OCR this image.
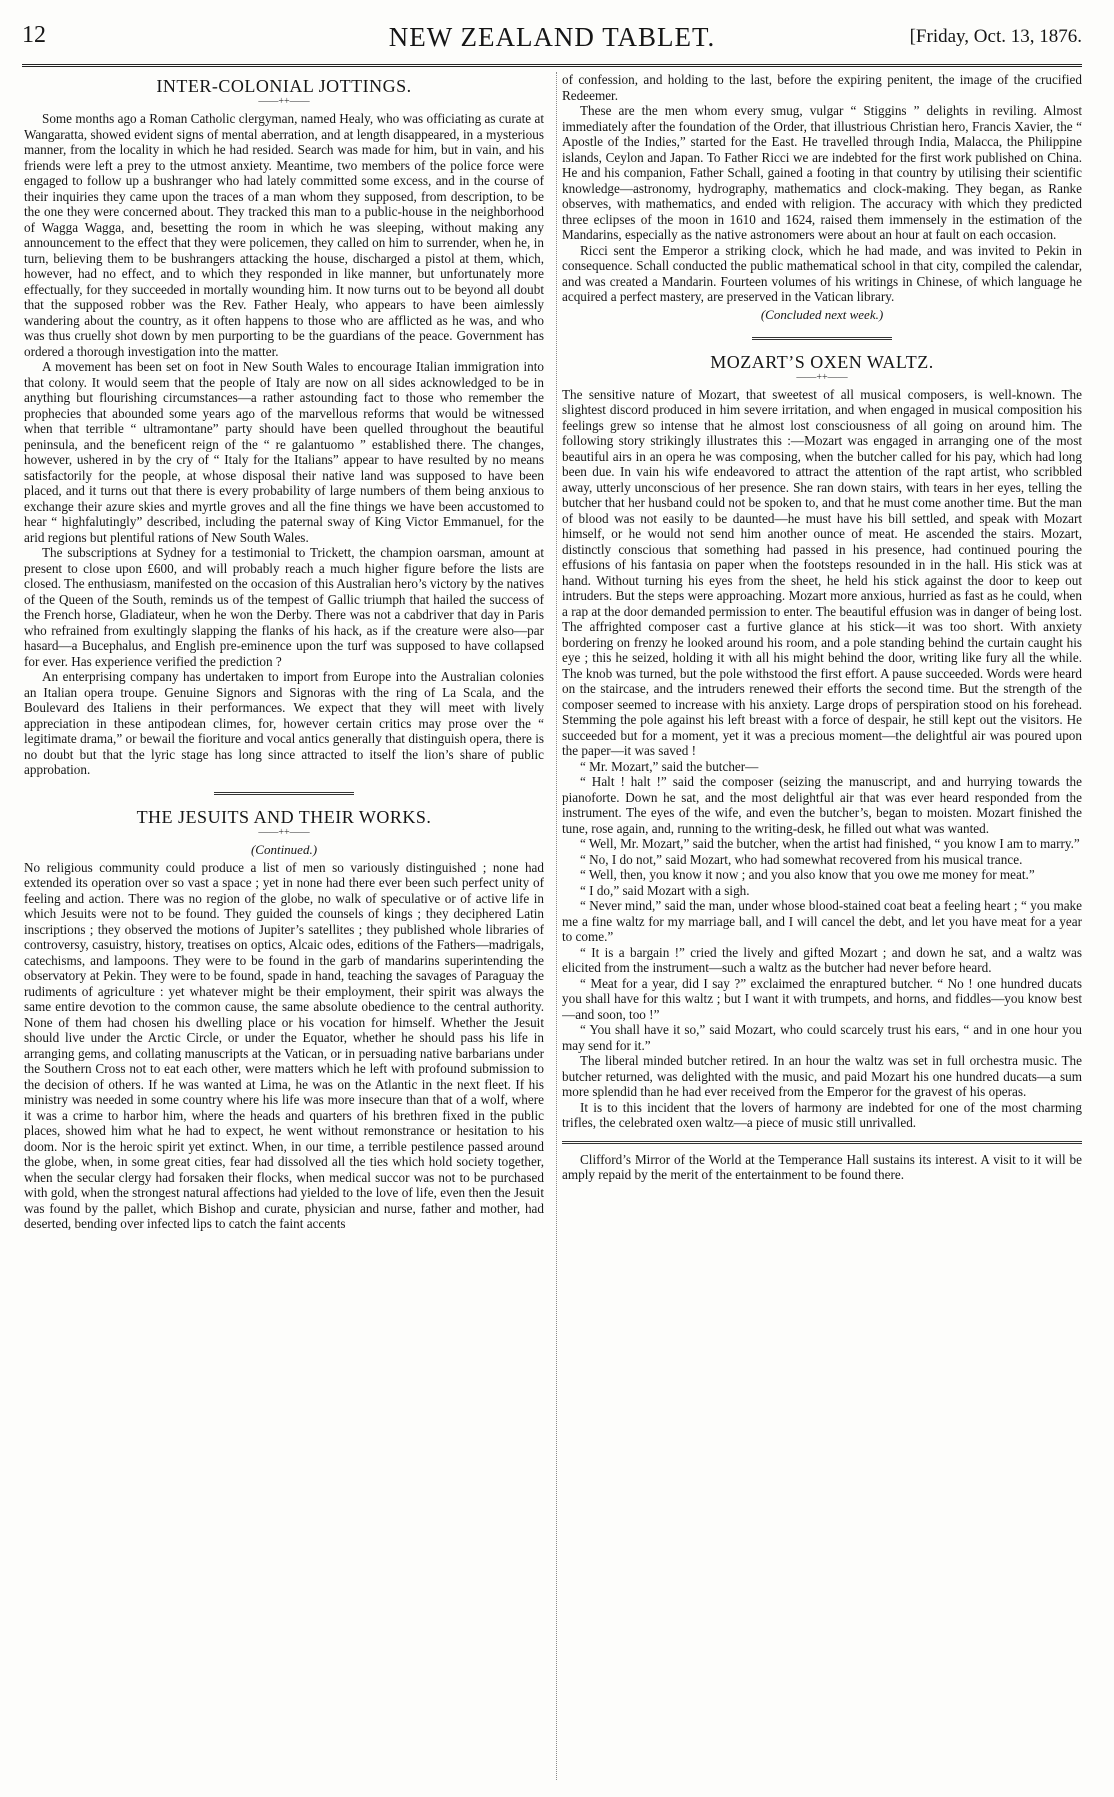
12	NEW ZEALAND TABLET.	[Friday, Oct. 13, 1876.
INTER-COLONIAL JOTTINGS.
——++——

Some months ago a Roman Catholic clergyman, named Healy, who was officiating as curate at Wangaratta, showed evident signs of mental aberration, and at length disappeared, in a mysterious manner, from the locality in which he had resided. Search was made for him, but in vain, and his friends were left a prey to the utmost anxiety. Meantime, two members of the police force were engaged to follow up a bushranger who had lately committed some excess, and in the course of their inquiries they came upon the traces of a man whom they supposed, from description, to be the one they were concerned about. They tracked this man to a public-house in the neighborhood of Wagga Wagga, and, besetting the room in which he was sleeping, without making any announcement to the effect that they were policemen, they called on him to surrender, when he, in turn, believing them to be bushrangers attacking the house, discharged a pistol at them, which, however, had no effect, and to which they responded in like manner, but unfortunately more effectually, for they succeeded in mortally wounding him. It now turns out to be beyond all doubt that the supposed robber was the Rev. Father Healy, who appears to have been aimlessly wandering about the country, as it often happens to those who are afflicted as he was, and who was thus cruelly shot down by men purporting to be the guardians of the peace. Government has ordered a thorough investigation into the matter.

A movement has been set on foot in New South Wales to encourage Italian immigration into that colony. It would seem that the people of Italy are now on all sides acknowledged to be in anything but flourishing circumstances—a rather astounding fact to those who remember the prophecies that abounded some years ago of the marvellous reforms that would be witnessed when that terrible “ ultramontane” party should have been quelled throughout the beautiful peninsula, and the beneficent reign of the “ re galantuomo ” established there. The changes, however, ushered in by the cry of “ Italy for the Italians” appear to have resulted by no means satisfactorily for the people, at whose disposal their native land was supposed to have been placed, and it turns out that there is every probability of large numbers of them being anxious to exchange their azure skies and myrtle groves and all the fine things we have been accustomed to hear “ highfalutingly” described, including the paternal sway of King Victor Emmanuel, for the arid regions but plentiful rations of New South Wales.

The subscriptions at Sydney for a testimonial to Trickett, the champion oarsman, amount at present to close upon £600, and will probably reach a much higher figure before the lists are closed. The enthusiasm, manifested on the occasion of this Australian hero’s victory by the natives of the Queen of the South, reminds us of the tempest of Gallic triumph that hailed the success of the French horse, Gladiateur, when he won the Derby. There was not a cabdriver that day in Paris who refrained from exultingly slapping the flanks of his hack, as if the creature were also—par hasard—a Bucephalus, and English pre-eminence upon the turf was supposed to have collapsed for ever. Has experience verified the prediction ?

An enterprising company has undertaken to import from Europe into the Australian colonies an Italian opera troupe. Genuine Signors and Signoras with the ring of La Scala, and the Boulevard des Italiens in their performances. We expect that they will meet with lively appreciation in these antipodean climes, for, however certain critics may prose over the “ legitimate drama,” or bewail the fioriture and vocal antics generally that distinguish opera, there is no doubt but that the lyric stage has long since attracted to itself the lion’s share of public approbation.

THE JESUITS AND THEIR WORKS.
——++——
(Continued.)

No religious community could produce a list of men so variously distinguished ; none had extended its operation over so vast a space ; yet in none had there ever been such perfect unity of feeling and action. There was no region of the globe, no walk of speculative or of active life in which Jesuits were not to be found. They guided the counsels of kings ; they deciphered Latin inscriptions ; they observed the motions of Jupiter’s satellites ; they published whole libraries of controversy, casuistry, history, treatises on optics, Alcaic odes, editions of the Fathers—madrigals, catechisms, and lampoons. They were to be found in the garb of mandarins superintending the observatory at Pekin. They were to be found, spade in hand, teaching the savages of Paraguay the rudiments of agriculture : yet whatever might be their employment, their spirit was always the same entire devotion to the common cause, the same absolute obedience to the central authority. None of them had chosen his dwelling place or his vocation for himself. Whether the Jesuit should live under the Arctic Circle, or under the Equator, whether he should pass his life in arranging gems, and collating manuscripts at the Vatican, or in persuading native barbarians under the Southern Cross not to eat each other, were matters which he left with profound submission to the decision of others. If he was wanted at Lima, he was on the Atlantic in the next fleet. If his ministry was needed in some country where his life was more insecure than that of a wolf, where it was a crime to harbor him, where the heads and quarters of his brethren fixed in the public places, showed him what he had to expect, he went without remonstrance or hesitation to his doom. Nor is the heroic spirit yet extinct. When, in our time, a terrible pestilence passed around the globe, when, in some great cities, fear had dissolved all the ties which hold society together, when the secular clergy had forsaken their flocks, when medical succor was not to be purchased with gold, when the strongest natural affections had yielded to the love of life, even then the Jesuit was found by the pallet, which Bishop and curate, physician and nurse, father and mother, had deserted, bending over infected lips to catch the faint accents

of confession, and holding to the last, before the expiring penitent, the image of the crucified Redeemer.

These are the men whom every smug, vulgar “ Stiggins ” delights in reviling. Almost immediately after the foundation of the Order, that illustrious Christian hero, Francis Xavier, the “ Apostle of the Indies,” started for the East. He travelled through India, Malacca, the Philippine islands, Ceylon and Japan. To Father Ricci we are indebted for the first work published on China. He and his companion, Father Schall, gained a footing in that country by utilising their scientific knowledge—astronomy, hydrography, mathematics and clock-making. They began, as Ranke observes, with mathematics, and ended with religion. The accuracy with which they predicted three eclipses of the moon in 1610 and 1624, raised them immensely in the estimation of the Mandarins, especially as the native astronomers were about an hour at fault on each occasion.

Ricci sent the Emperor a striking clock, which he had made, and was invited to Pekin in consequence. Schall conducted the public mathematical school in that city, compiled the calendar, and was created a Mandarin. Fourteen volumes of his writings in Chinese, of which language he acquired a perfect mastery, are preserved in the Vatican library.

(Concluded next week.)
MOZART’S OXEN WALTZ.
——++——

The sensitive nature of Mozart, that sweetest of all musical composers, is well-known. The slightest discord produced in him severe irritation, and when engaged in musical composition his feelings grew so intense that he almost lost consciousness of all going on around him. The following story strikingly illustrates this :—Mozart was engaged in arranging one of the most beautiful airs in an opera he was composing, when the butcher called for his pay, which had long been due. In vain his wife endeavored to attract the attention of the rapt artist, who scribbled away, utterly unconscious of her presence. She ran down stairs, with tears in her eyes, telling the butcher that her husband could not be spoken to, and that he must come another time. But the man of blood was not easily to be daunted—he must have his bill settled, and speak with Mozart himself, or he would not send him another ounce of meat. He ascended the stairs. Mozart, distinctly conscious that something had passed in his presence, had continued pouring the effusions of his fantasia on paper when the footsteps resounded in in the hall. His stick was at hand. Without turning his eyes from the sheet, he held his stick against the door to keep out intruders. But the steps were approaching. Mozart more anxious, hurried as fast as he could, when a rap at the door demanded permission to enter. The beautiful effusion was in danger of being lost. The affrighted composer cast a furtive glance at his stick—it was too short. With anxiety bordering on frenzy he looked around his room, and a pole standing behind the curtain caught his eye ; this he seized, holding it with all his might behind the door, writing like fury all the while. The knob was turned, but the pole withstood the first effort. A pause succeeded. Words were heard on the staircase, and the intruders renewed their efforts the second time. But the strength of the composer seemed to increase with his anxiety. Large drops of perspiration stood on his forehead. Stemming the pole against his left breast with a force of despair, he still kept out the visitors. He succeeded but for a moment, yet it was a precious moment—the delightful air was poured upon the paper—it was saved !

“ Mr. Mozart,” said the butcher—

“ Halt ! halt !” said the composer (seizing the manuscript, and and hurrying towards the pianoforte. Down he sat, and the most delightful air that was ever heard responded from the instrument. The eyes of the wife, and even the butcher’s, began to moisten. Mozart finished the tune, rose again, and, running to the writing-desk, he filled out what was wanted.

“ Well, Mr. Mozart,” said the butcher, when the artist had finished, “ you know I am to marry.”

“ No, I do not,” said Mozart, who had somewhat recovered from his musical trance.

“ Well, then, you know it now ; and you also know that you owe me money for meat.”

“ I do,” said Mozart with a sigh.

“ Never mind,” said the man, under whose blood-stained coat beat a feeling heart ; “ you make me a fine waltz for my marriage ball, and I will cancel the debt, and let you have meat for a year to come.”

“ It is a bargain !” cried the lively and gifted Mozart ; and down he sat, and a waltz was elicited from the instrument—such a waltz as the butcher had never before heard.

“ Meat for a year, did I say ?” exclaimed the enraptured butcher. “ No ! one hundred ducats you shall have for this waltz ; but I want it with trumpets, and horns, and fiddles—you know best—and soon, too !”

“ You shall have it so,” said Mozart, who could scarcely trust his ears, “ and in one hour you may send for it.”

The liberal minded butcher retired. In an hour the waltz was set in full orchestra music. The butcher returned, was delighted with the music, and paid Mozart his one hundred ducats—a sum more splendid than he had ever received from the Emperor for the gravest of his operas.

It is to this incident that the lovers of harmony are indebted for one of the most charming trifles, the celebrated oxen waltz—a piece of music still unrivalled.

Clifford’s Mirror of the World at the Temperance Hall sustains its interest. A visit to it will be amply repaid by the merit of the entertainment to be found there.
